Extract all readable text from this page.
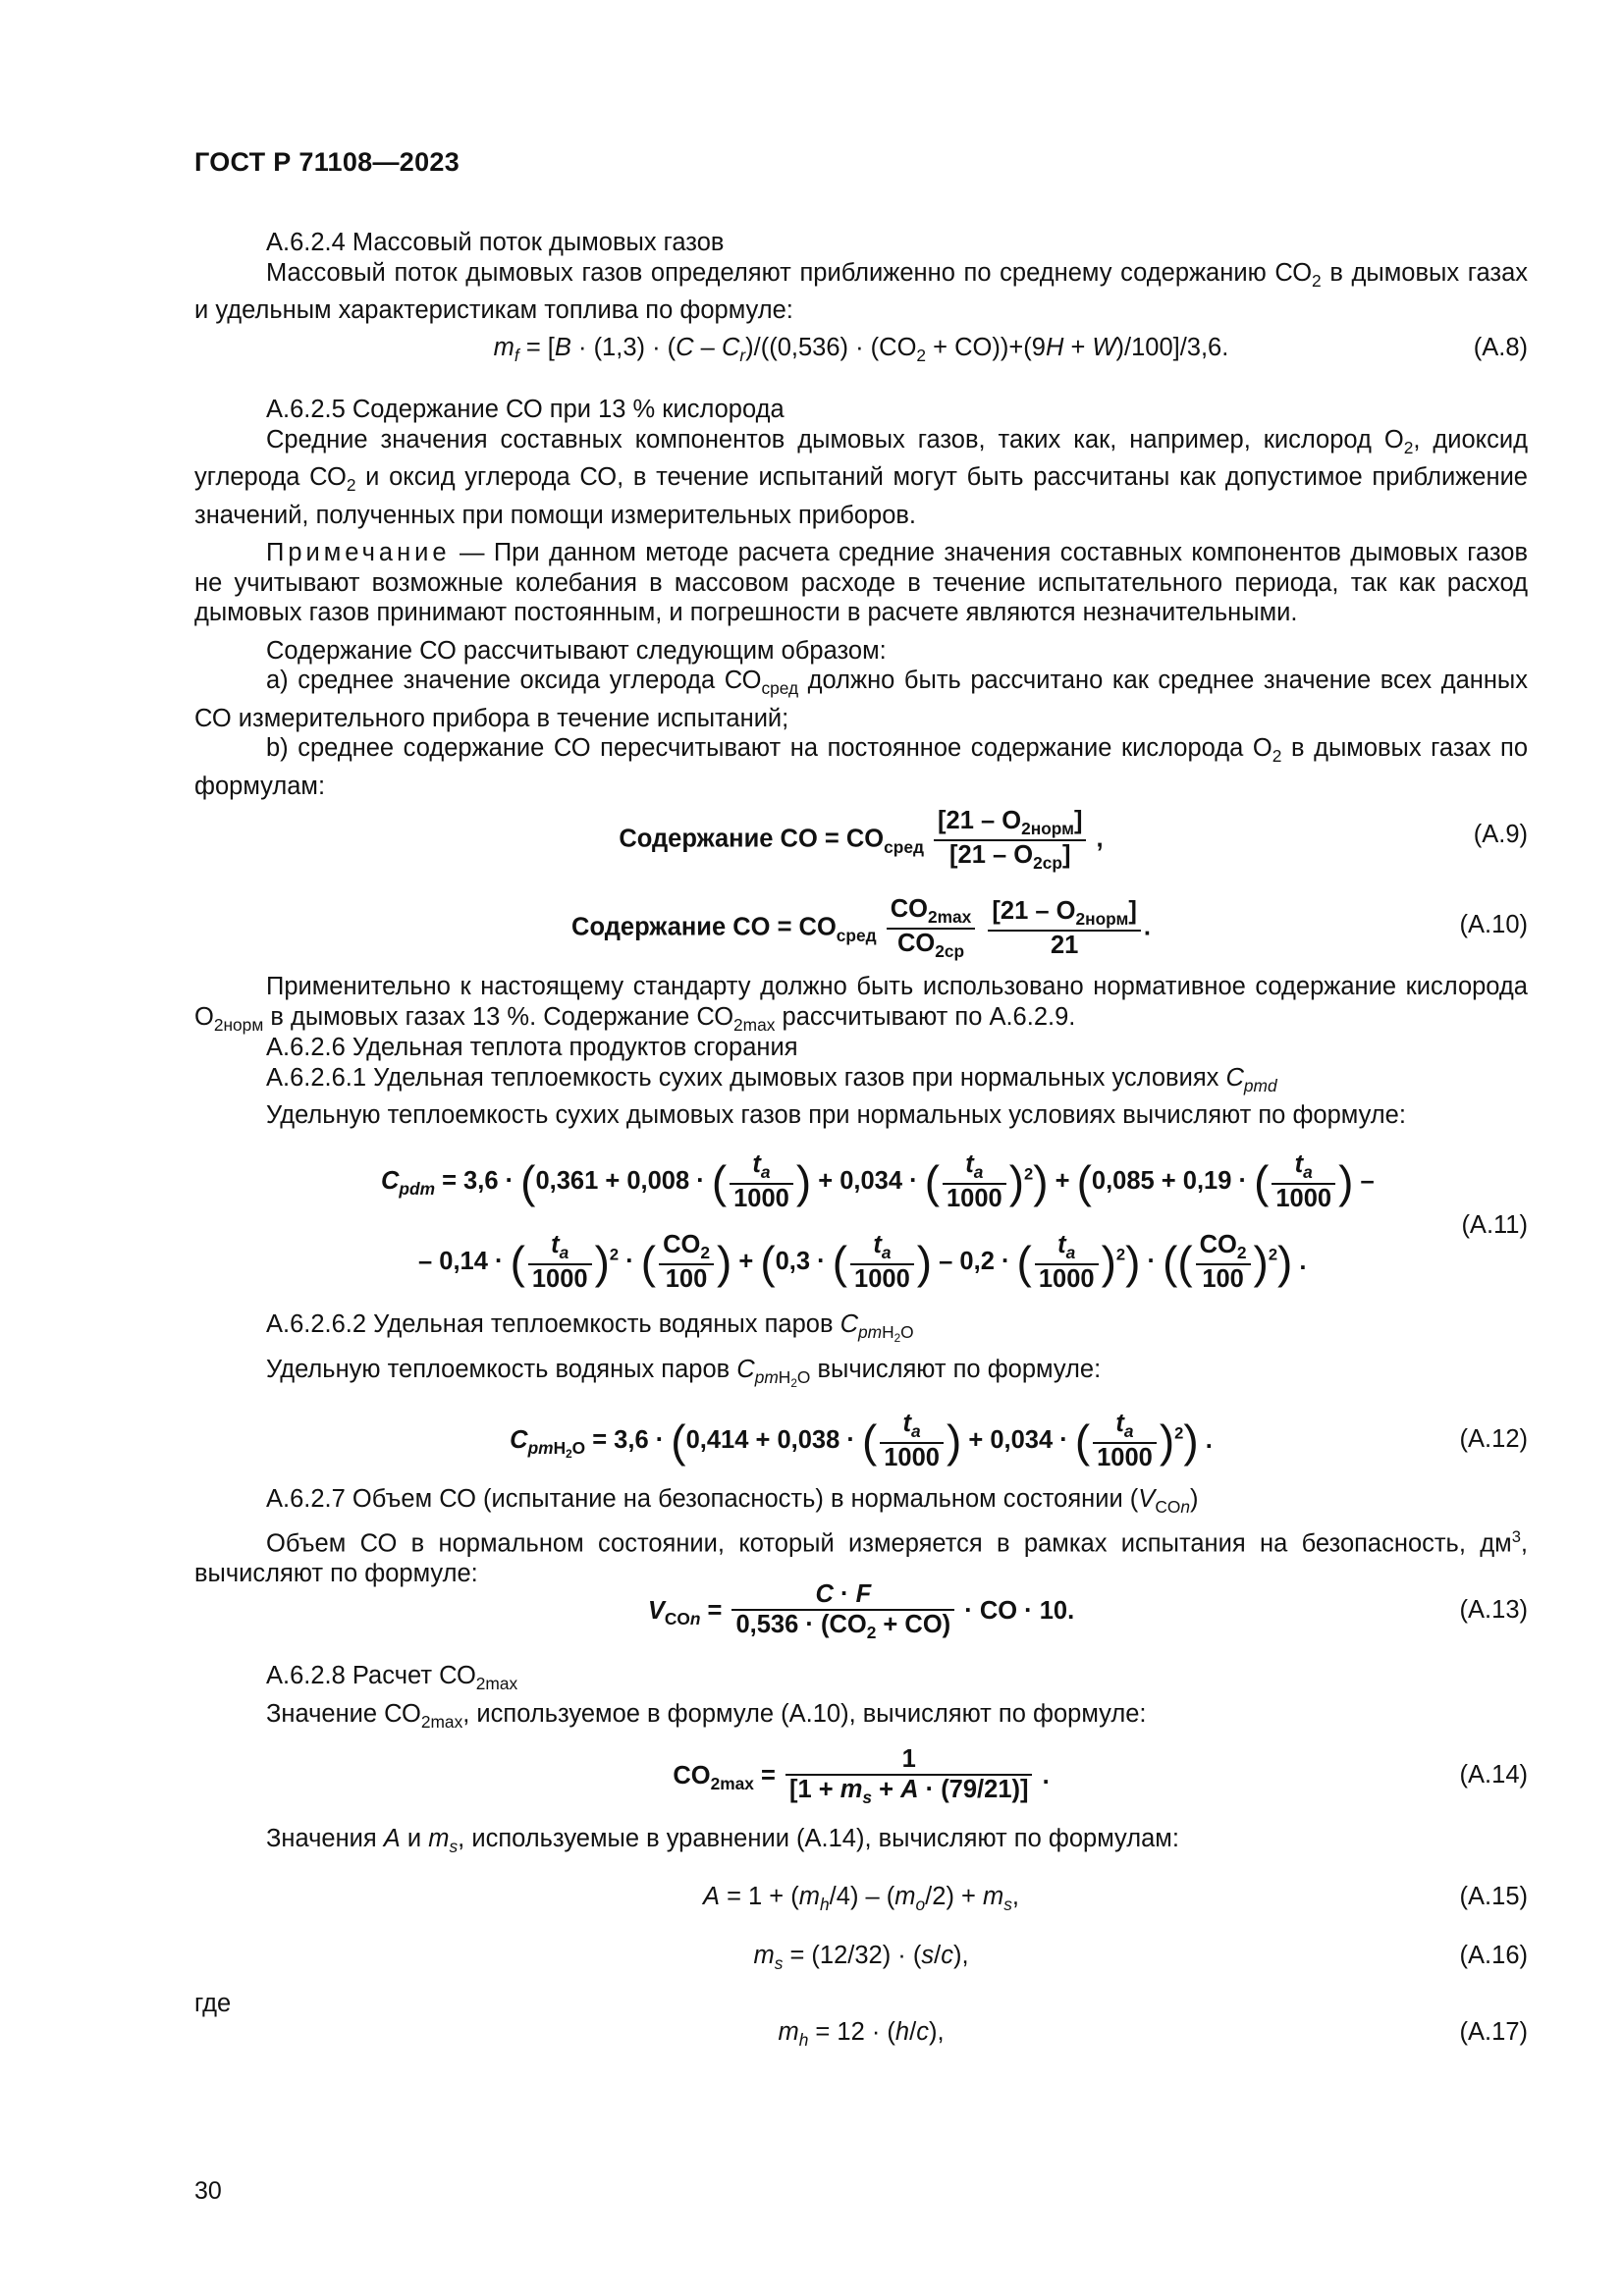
ГОСТ Р 71108—2023
А.6.2.4 Массовый поток дымовых газов
Массовый поток дымовых газов определяют приближенно по среднему содержанию $СО_2$ в дымовых газах и удельным характеристикам топлива по формуле:
$m_f = [B \cdot (1,3) \cdot (C - C_r)/((0,536) \cdot (CO_2 + CO))+(9H + W)/100]/3,6$.	(А.8)
А.6.2.5 Содержание СО при 13 % кислорода
Средние значения составных компонентов дымовых газов, таких как, например, кислород $О_2$, диоксид углерода $СО_2$ и оксид углерода СО, в течение испытаний могут быть рассчитаны как допустимое приближение значений, полученных при помощи измерительных приборов.
Примечание — При данном методе расчета средние значения составных компонентов дымовых газов не учитывают возможные колебания в массовом расходе в течение испытательного периода, так как расход дымовых газов принимают постоянным, и погрешности в расчете являются незначительными.
Содержание СО рассчитывают следующим образом:
a) среднее значение оксида углерода $СО_{сред}$ должно быть рассчитано как среднее значение всех данных СО измерительного прибора в течение испытаний;
b) среднее содержание СО пересчитывают на постоянное содержание кислорода $О_2$ в дымовых газах по формулам:
Содержание CO = $CO_{сред}$
$[21 - O_{2норм}]$
$[21 - O_{2ср}]$
,	(А.9)
Содержание CO = $CO_{сред}$
$CO_{2max}$
$CO_{2ср}$

$[21 - O_{2норм}]$
21
.	(А.10)
Применительно к настоящему стандарту должно быть использовано нормативное содержание кислорода $О_{2норм}$ в дымовых газах 13 %. Содержание $СО_{2max}$ рассчитывают по А.6.2.9.
А.6.2.6 Удельная теплота продуктов сгорания
А.6.2.6.1 Удельная теплоемкость сухих дымовых газов при нормальных условиях $C_{pmd}$
Удельную теплоемкость сухих дымовых газов при нормальных условиях вычисляют по формуле:
$C_{pdm} = 3,6 \cdot (0,361 + 0,008$ · ( $\frac{t_a}{1000}$ ) + 0,034 · ( $\frac{t_a}{1000} )^2) + (0,085 + 0,19$ · ( $\frac{t_a}{1000}$ ) –
– 0,14 · ( $\frac{t_a}{1000} )^2$ · ( $\frac{CO_2}{100}$ ) + (0,3 · ( $\frac{t_a}{1000}$ ) – 0,2 · ( $\frac{t_a}{1000} )^2$) · (( $\frac{CO_2}{100} )^2$) .
(А.11)
А.6.2.6.2 Удельная теплоемкость водяных паров $C_{pmH_2O}$
Удельную теплоемкость водяных паров $C_{pmH_2O}$ вычисляют по формуле:
$C_{pmH_2O} = 3,6 \cdot (0,414 + 0,038$ · ( $\frac{t_a}{1000}$ ) + 0,034 · ( $\frac{t_a}{1000} )^2$) .	(А.12)
А.6.2.7 Объем СО (испытание на безопасность) в нормальном состоянии $(V_{COn})$
Объем СО в нормальном состоянии, который измеряется в рамках испытания на безопасность, $дм^3$, вычисляют по формуле:
$V_{COn} = \frac{C \cdot F}{0,536 \cdot (CO_2 + CO)}$ · CO · 10.	(А.13)
А.6.2.8 Расчет $СО_{2max}$
Значение $СО_{2max}$, используемое в формуле (А.10), вычисляют по формуле:
$CO_{2max} = \frac{1}{[1 + m_s + A \cdot (79/21)]}$ .	(А.14)
Значения A и $m_s$, используемые в уравнении (А.14), вычисляют по формулам:
$A = 1 + (m_h/4) - (m_o/2) + m_s$,	(А.15)
$m_s = (12/32) \cdot (s/c)$,	(А.16)
где
$m_h = 12 \cdot (h/c)$,	(А.17)
30
